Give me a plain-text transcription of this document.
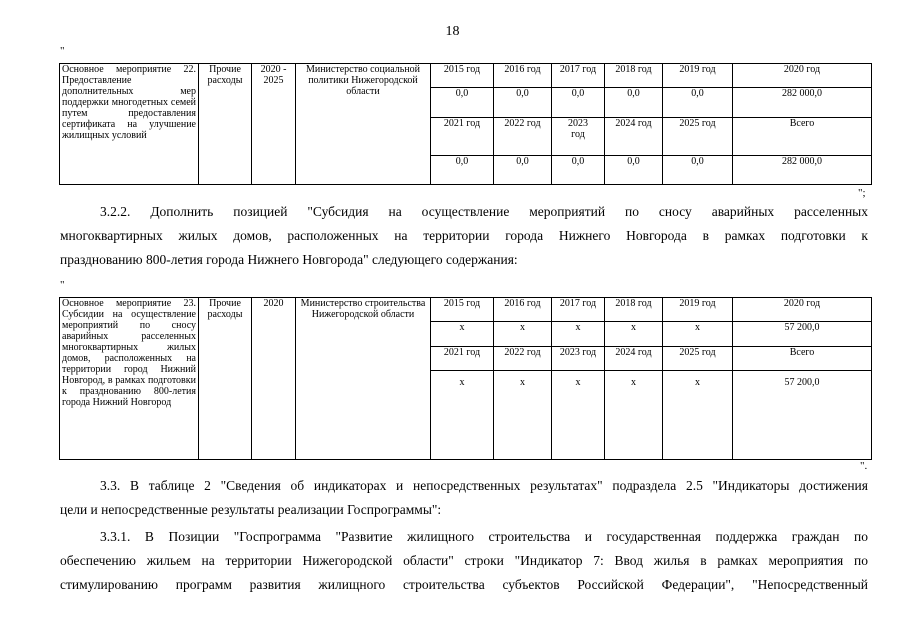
18
"
Основное мероприятие 22. Предоставление дополнительных мер поддержки многодетных семей путем предоставления сертификата на улучшение жилищных условий	Прочие расходы	2020 - 2025	Министерство социальной политики Нижегородской области	2015 год	2016 год	2017 год	2018 год	2019 год	2020 год
				0,0	0,0	0,0	0,0	0,0	282 000,0
				2021 год	2022 год	2023 год	2024 год	2025 год	Всего
				0,0	0,0	0,0	0,0	0,0	282 000,0
";
3.2.2. Дополнить позицией "Субсидия на осуществление мероприятий по сносу аварийных расселенных
многоквартирных жилых домов, расположенных на территории города Нижнего Новгорода в рамках подготовки к
празднованию 800-летия города Нижнего Новгорода" следующего содержания:
"
Основное мероприятие 23. Субсидии на осуществление мероприятий по сносу аварийных расселенных многоквартирных жилых домов, расположенных на территории город Нижний Новгород, в рамках подготовки к празднованию 800-летия города Нижний Новгород	Прочие расходы	2020	Министерство строительства Нижегородской области	2015 год	2016 год	2017 год	2018 год	2019 год	2020 год
				x	x	x	x	x	57 200,0
				2021 год	2022 год	2023 год	2024 год	2025 год	Всего
				x	x	x	x	x	57 200,0
".
3.3. В таблице 2 "Сведения об индикаторах и непосредственных результатах" подраздела 2.5 "Индикаторы достижения
цели и непосредственные результаты реализации Госпрограммы":
3.3.1. В Позиции "Госпрограмма "Развитие жилищного строительства и государственная поддержка граждан по
обеспечению жильем на территории Нижегородской области" строки "Индикатор 7: Ввод жилья в рамках мероприятия по
стимулированию программ развития жилищного строительства субъектов Российской Федерации", "Непосредственный
